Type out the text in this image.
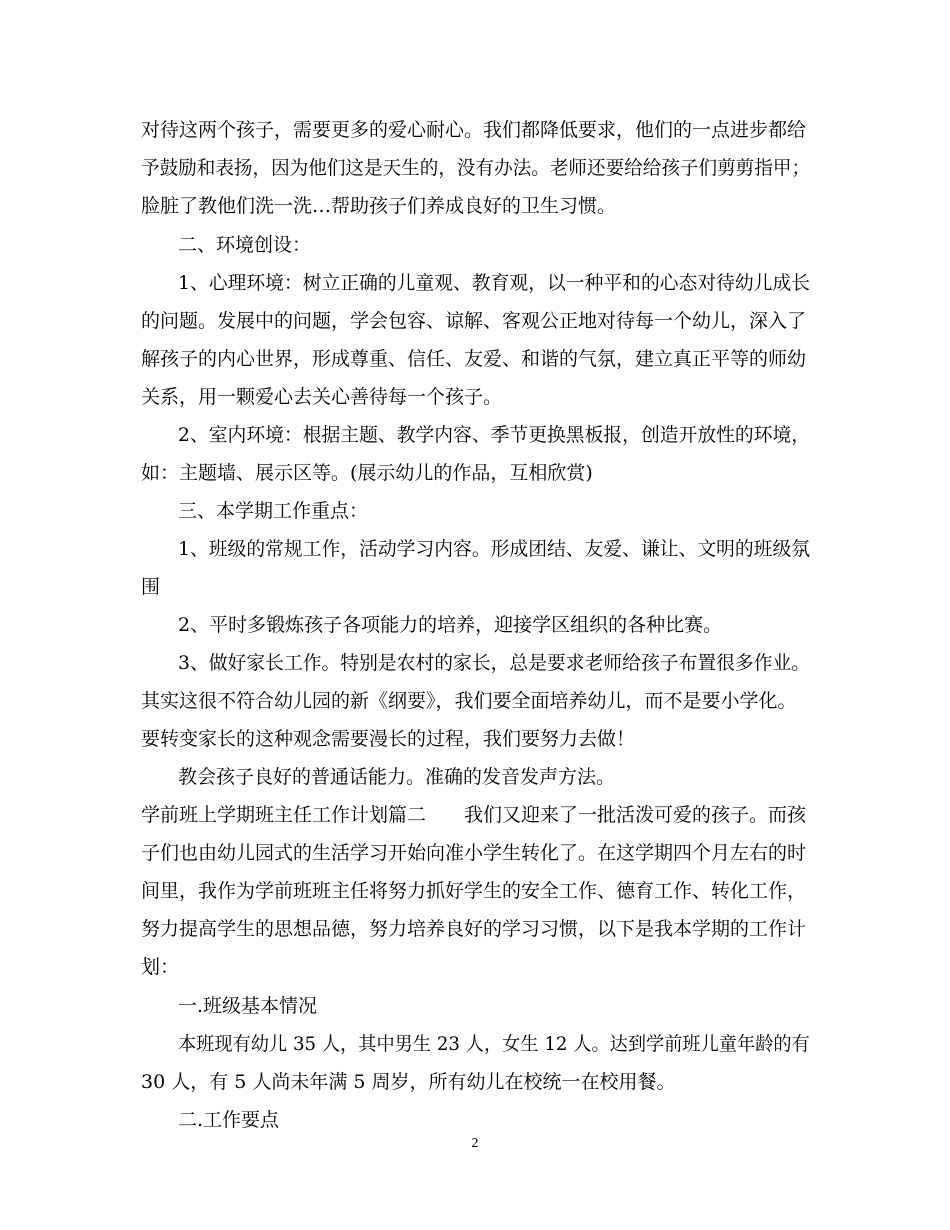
对待这两个孩子，需要更多的爱心耐心。我们都降低要求，他们的一点进步都给
予鼓励和表扬，因为他们这是天生的，没有办法。老师还要给给孩子们剪剪指甲；
脸脏了教他们洗一洗…帮助孩子们养成良好的卫生习惯。
二、环境创设：
1、心理环境：树立正确的儿童观、教育观，以一种平和的心态对待幼儿成长
的问题。发展中的问题，学会包容、谅解、客观公正地对待每一个幼儿，深入了
解孩子的内心世界，形成尊重、信任、友爱、和谐的气氛，建立真正平等的师幼
关系，用一颗爱心去关心善待每一个孩子。
2、室内环境：根据主题、教学内容、季节更换黑板报，创造开放性的环境，
如：主题墙、展示区等。(展示幼儿的作品，互相欣赏)
三、本学期工作重点：
1、班级的常规工作，活动学习内容。形成团结、友爱、谦让、文明的班级氛
围
2、平时多锻炼孩子各项能力的培养，迎接学区组织的各种比赛。
3、做好家长工作。特别是农村的家长，总是要求老师给孩子布置很多作业。
其实这很不符合幼儿园的新《纲要》，我们要全面培养幼儿，而不是要小学化。
要转变家长的这种观念需要漫长的过程，我们要努力去做！
教会孩子良好的普通话能力。准确的发音发声方法。
学前班上学期班主任工作计划篇二　　我们又迎来了一批活泼可爱的孩子。而孩
子们也由幼儿园式的生活学习开始向准小学生转化了。在这学期四个月左右的时
间里，我作为学前班班主任将努力抓好学生的安全工作、德育工作、转化工作，
努力提高学生的思想品德，努力培养良好的学习习惯，以下是我本学期的工作计
划：
一.班级基本情况
本班现有幼儿 35 人，其中男生 23 人，女生 12 人。达到学前班儿童年龄的有
30 人，有 5 人尚未年满 5 周岁，所有幼儿在校统一在校用餐。
二.工作要点
2
